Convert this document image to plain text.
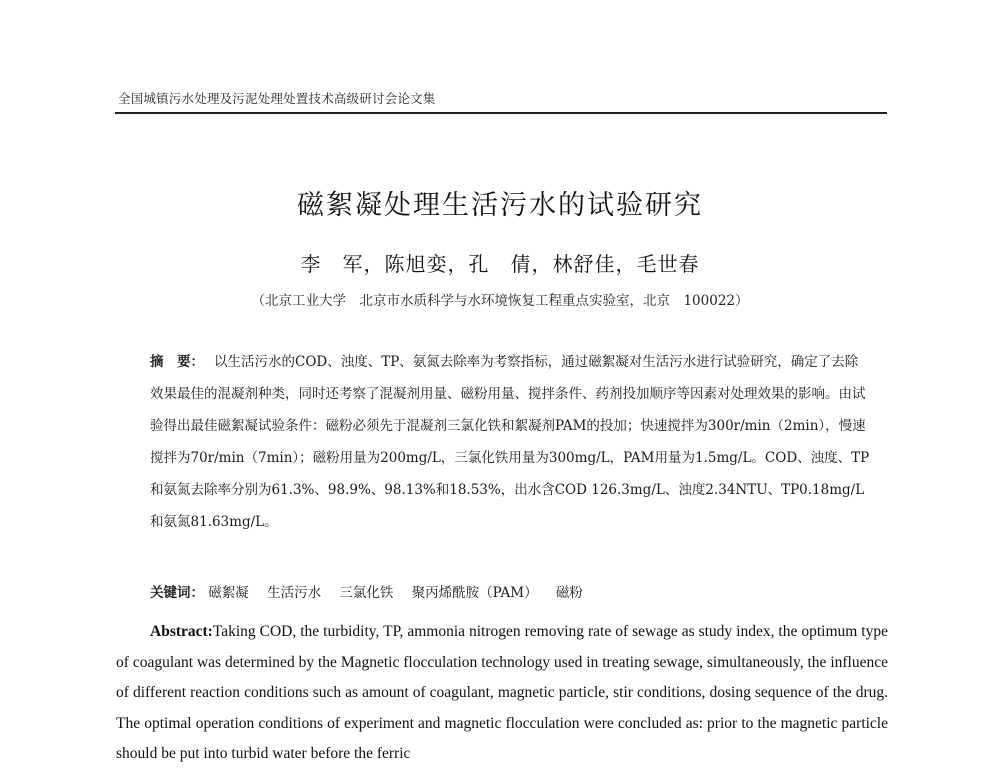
全国城镇污水处理及污泥处理处置技术高级研讨会论文集
磁絮凝处理生活污水的试验研究
李　军，陈旭娈，孔　倩，林舒佳，毛世春
（北京工业大学　北京市水质科学与水环境恢复工程重点实验室，北京　100022）
摘　要： 以生活污水的COD、浊度、TP、氨氮去除率为考察指标，通过磁絮凝对生活污水进行试验研究，确定了去除效果最佳的混凝剂种类，同时还考察了混凝剂用量、磁粉用量、搅拌条件、药剂投加顺序等因素对处理效果的影响。由试验得出最佳磁絮凝试验条件：磁粉必须先于混凝剂三氯化铁和絮凝剂PAM的投加；快速搅拌为300r/min（2min），慢速搅拌为70r/min（7min）；磁粉用量为200mg/L，三氯化铁用量为300mg/L，PAM用量为1.5mg/L。COD、浊度、TP和氨氮去除率分别为61.3%、98.9%、98.13%和18.53%，出水含COD 126.3mg/L、浊度2.34NTU、TP0.18mg/L和氨氮81.63mg/L。
关键词： 磁絮凝 生活污水 三氯化铁 聚丙烯酰胺（PAM） 磁粉
Abstract:Taking COD, the turbidity, TP, ammonia nitrogen removing rate of sewage as study index, the optimum type of coagulant was determined by the Magnetic flocculation technology used in treating sewage, simultaneously, the influence of different reaction conditions such as amount of coagulant, magnetic particle, stir conditions, dosing sequence of the drug. The optimal operation conditions of experiment and magnetic flocculation were concluded as: prior to the magnetic particle should be put into turbid water before the ferric
